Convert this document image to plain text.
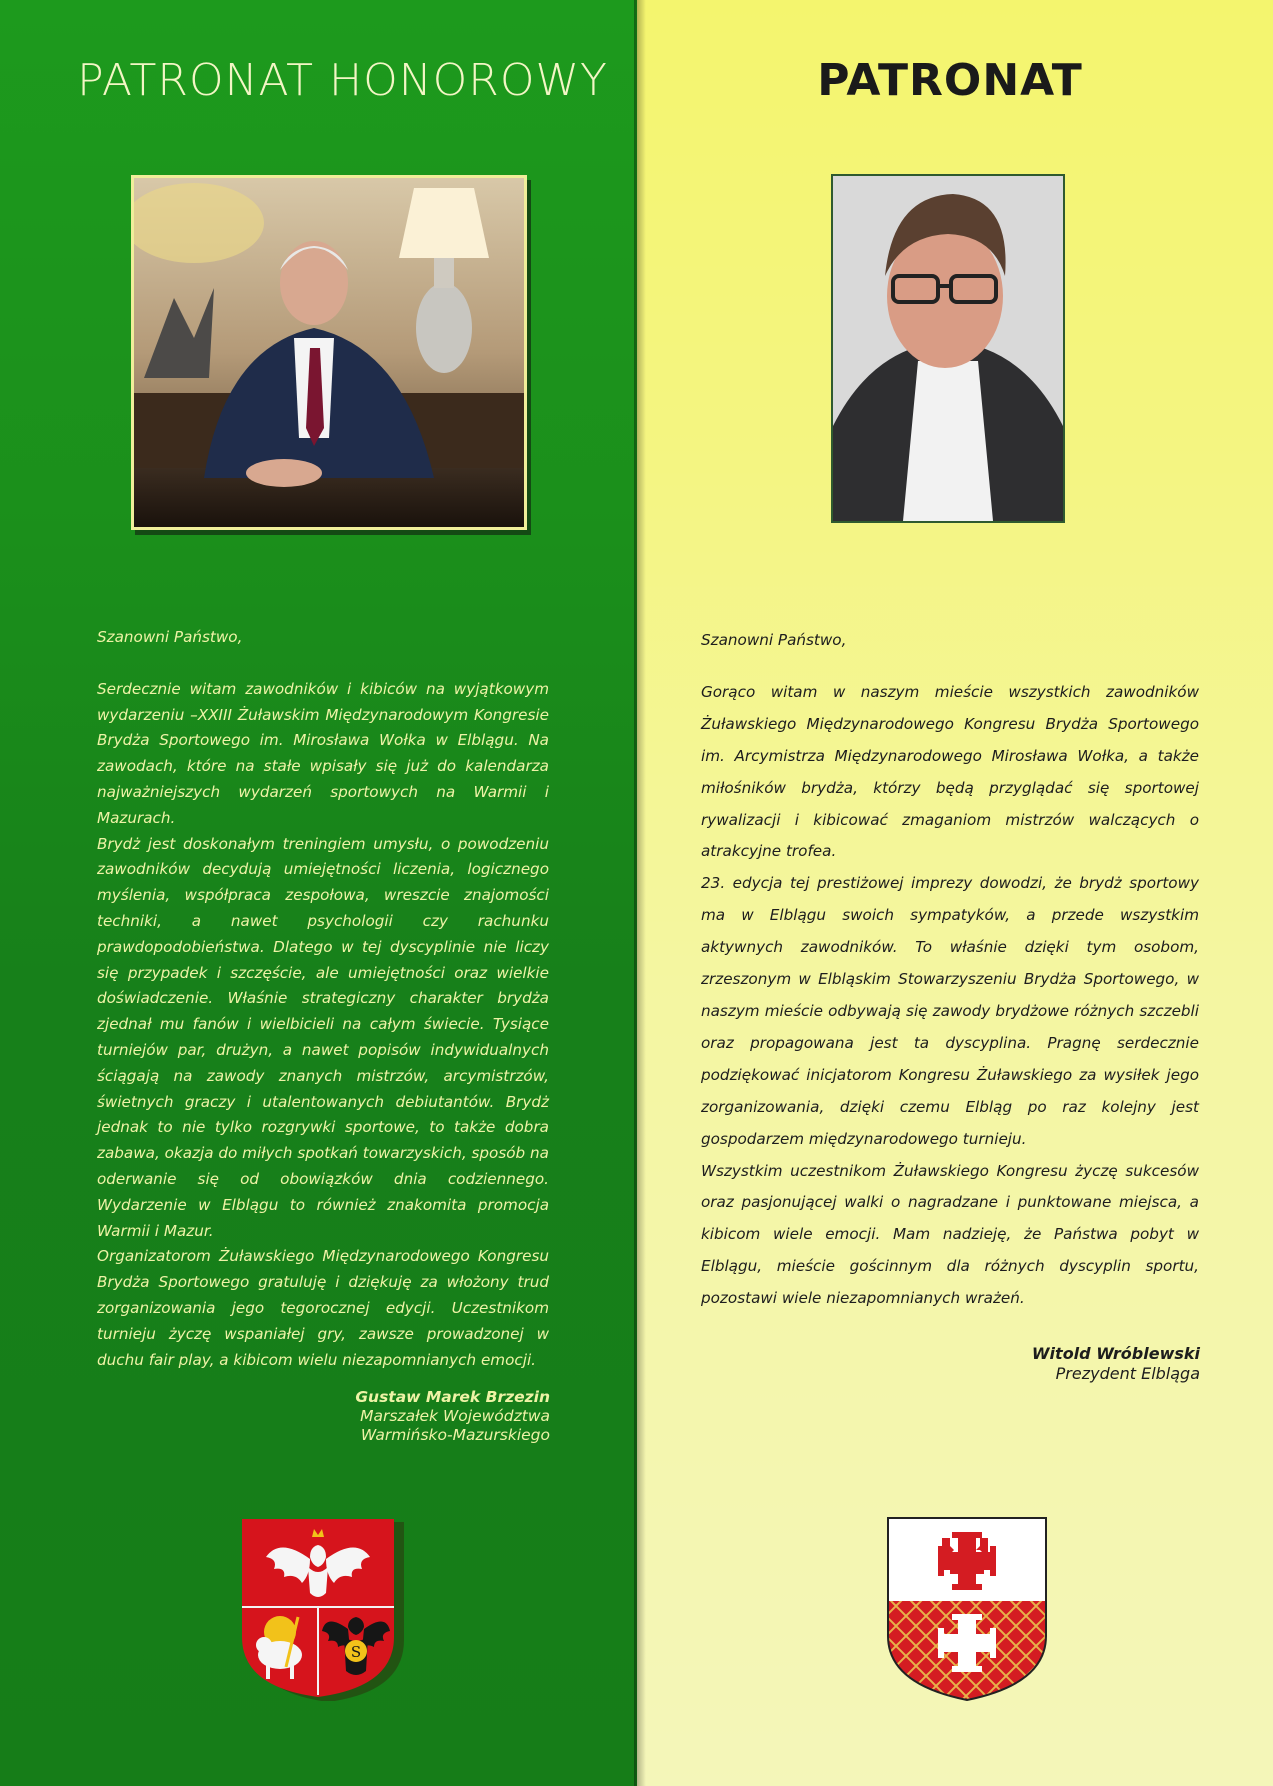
PATRONAT HONOROWY	PATRONAT
Szanowni Państwo,
Serdecznie witam zawodników i kibiców na wyjątkowym wydarzeniu –XXIII Żuławskim Międzynarodowym Kongresie Brydża Sportowego im. Mirosława Wołka w Elblągu. Na zawodach, które na stałe wpisały się już do kalendarza najważniejszych wydarzeń sportowych na Warmii i Mazurach.
Brydż jest doskonałym treningiem umysłu, o powodzeniu zawodników decydują umiejętności liczenia, logicznego myślenia, współpraca zespołowa, wreszcie znajomości techniki, a nawet psychologii czy rachunku prawdopodobieństwa. Dlatego w tej dyscyplinie nie liczy się przypadek i szczęście, ale umiejętności oraz wielkie doświadczenie. Właśnie strategiczny charakter brydża zjednał mu fanów i wielbicieli na całym świecie. Tysiące turniejów par, drużyn, a nawet popisów indywidualnych ściągają na zawody znanych mistrzów, arcymistrzów, świetnych graczy i utalentowanych debiutantów. Brydż jednak to nie tylko rozgrywki sportowe, to także dobra zabawa, okazja do miłych spotkań towarzyskich, sposób na oderwanie się od obowiązków dnia codziennego. Wydarzenie w Elblągu to również znakomita promocja Warmii i Mazur.
Organizatorom Żuławskiego Międzynarodowego Kongresu Brydża Sportowego gratuluję i dziękuję za włożony trud zorganizowania jego tegorocznej edycji. Uczestnikom turnieju życzę wspaniałej gry, zawsze prowadzonej w duchu fair play, a kibicom wielu niezapomnianych emocji.
Gustaw Marek Brzezin
Marszałek Województwa
Warmińsko-Mazurskiego
Szanowni Państwo,
Gorąco witam w naszym mieście wszystkich zawodników Żuławskiego Międzynarodowego Kongresu Brydża Sportowego im. Arcymistrza Międzynarodowego Mirosława Wołka, a także miłośników brydża, którzy będą przyglądać się sportowej rywalizacji i kibicować zmaganiom mistrzów walczących o atrakcyjne trofea.
23. edycja tej prestiżowej imprezy dowodzi, że brydż sportowy ma w Elblągu swoich sympatyków, a przede wszystkim aktywnych zawodników. To właśnie dzięki tym osobom, zrzeszonym w Elbląskim Stowarzyszeniu Brydża Sportowego, w naszym mieście odbywają się zawody brydżowe różnych szczebli oraz propagowana jest ta dyscyplina. Pragnę serdecznie podziękować inicjatorom Kongresu Żuławskiego za wysiłek jego zorganizowania, dzięki czemu Elbląg po raz kolejny jest gospodarzem międzynarodowego turnieju.
Wszystkim uczestnikom Żuławskiego Kongresu życzę sukcesów oraz pasjonującej walki o nagradzane i punktowane miejsca, a kibicom wiele emocji. Mam nadzieję, że Państwa pobyt w Elblągu, mieście gościnnym dla różnych dyscyplin sportu, pozostawi wiele niezapomnianych wrażeń.
Witold Wróblewski
Prezydent Elbląga
S
